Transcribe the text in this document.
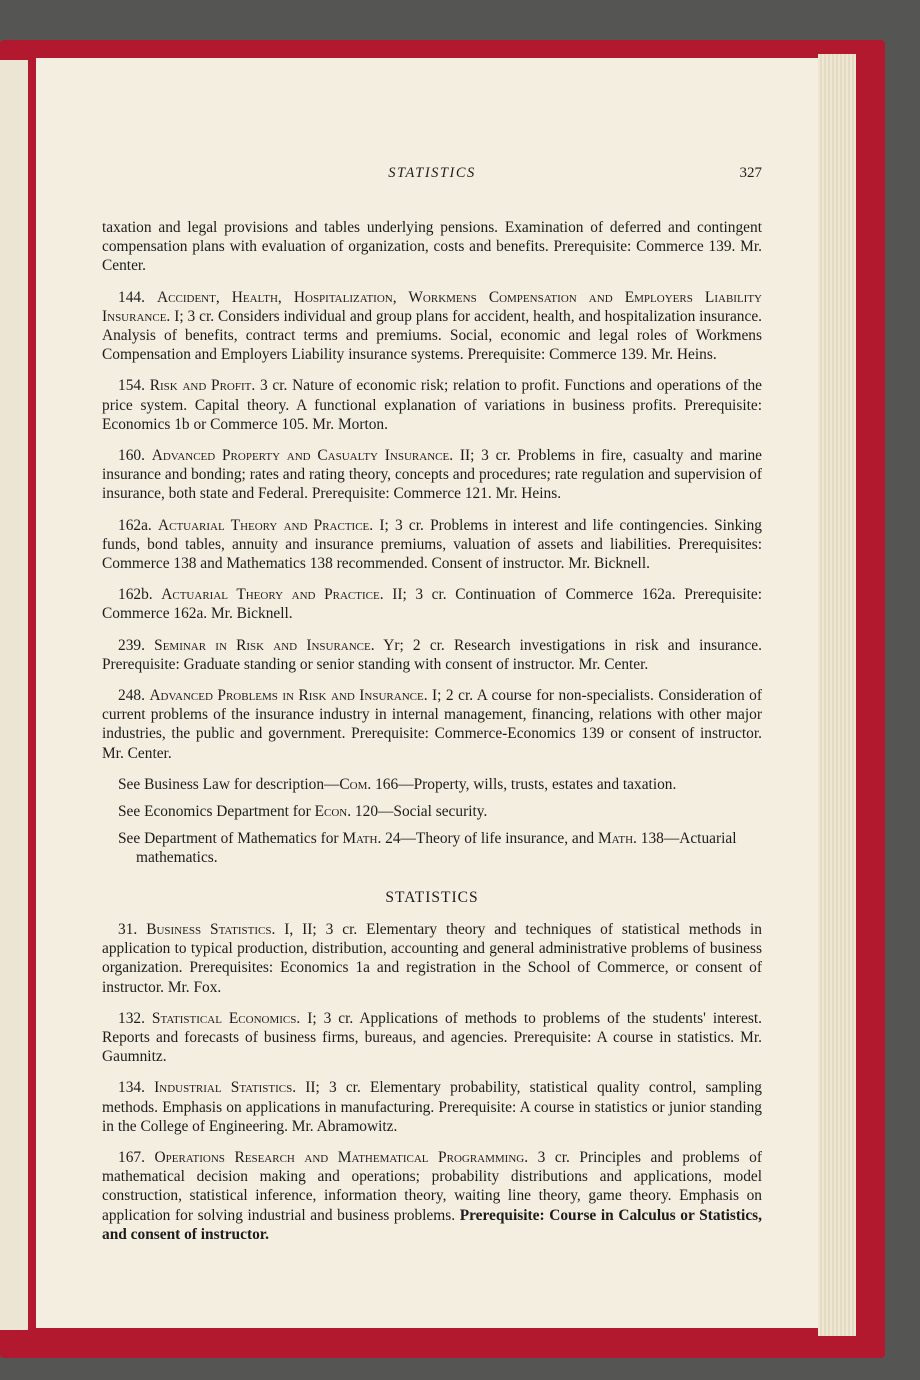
STATISTICS	327

taxation and legal provisions and tables underlying pensions. Examination of deferred and contingent compensation plans with evaluation of organization, costs and benefits. Prerequisite: Commerce 139. Mr. Center.

144. Accident, Health, Hospitalization, Workmens Compensation and Employers Liability Insurance. I; 3 cr. Considers individual and group plans for accident, health, and hospitalization insurance. Analysis of benefits, contract terms and premiums. Social, economic and legal roles of Workmens Compensation and Employers Liability insurance systems. Prerequisite: Commerce 139. Mr. Heins.

154. Risk and Profit. 3 cr. Nature of economic risk; relation to profit. Functions and operations of the price system. Capital theory. A functional explanation of variations in business profits. Prerequisite: Economics 1b or Commerce 105. Mr. Morton.

160. Advanced Property and Casualty Insurance. II; 3 cr. Problems in fire, casualty and marine insurance and bonding; rates and rating theory, concepts and procedures; rate regulation and supervision of insurance, both state and Federal. Prerequisite: Commerce 121. Mr. Heins.

162a. Actuarial Theory and Practice. I; 3 cr. Problems in interest and life contingencies. Sinking funds, bond tables, annuity and insurance premiums, valuation of assets and liabilities. Prerequisites: Commerce 138 and Mathematics 138 recommended. Consent of instructor. Mr. Bicknell.

162b. Actuarial Theory and Practice. II; 3 cr. Continuation of Commerce 162a. Prerequisite: Commerce 162a. Mr. Bicknell.

239. Seminar in Risk and Insurance. Yr; 2 cr. Research investigations in risk and insurance. Prerequisite: Graduate standing or senior standing with consent of instructor. Mr. Center.

248. Advanced Problems in Risk and Insurance. I; 2 cr. A course for non-specialists. Consideration of current problems of the insurance industry in internal management, financing, relations with other major industries, the public and government. Prerequisite: Commerce-Economics 139 or consent of instructor. Mr. Center.

See Business Law for description—Com. 166—Property, wills, trusts, estates and taxation.

See Economics Department for Econ. 120—Social security.

See Department of Mathematics for Math. 24—Theory of life insurance, and Math. 138—Actuarial mathematics.

STATISTICS

31. Business Statistics. I, II; 3 cr. Elementary theory and techniques of statistical methods in application to typical production, distribution, accounting and general administrative problems of business organization. Prerequisites: Economics 1a and registration in the School of Commerce, or consent of instructor. Mr. Fox.

132. Statistical Economics. I; 3 cr. Applications of methods to problems of the students' interest. Reports and forecasts of business firms, bureaus, and agencies. Prerequisite: A course in statistics. Mr. Gaumnitz.

134. Industrial Statistics. II; 3 cr. Elementary probability, statistical quality control, sampling methods. Emphasis on applications in manufacturing. Prerequisite: A course in statistics or junior standing in the College of Engineering. Mr. Abramowitz.

167. Operations Research and Mathematical Programming. 3 cr. Principles and problems of mathematical decision making and operations; probability distributions and applications, model construction, statistical inference, information theory, waiting line theory, game theory. Emphasis on application for solving industrial and business problems. Prerequisite: Course in Calculus or Statistics, and consent of instructor.
